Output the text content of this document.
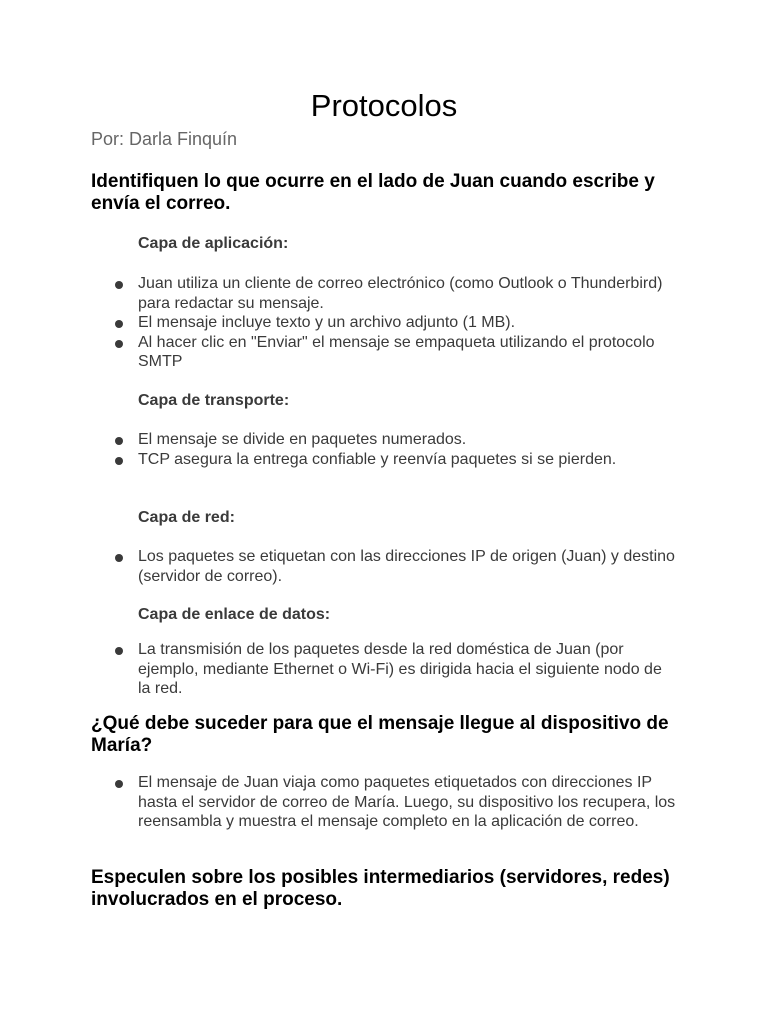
Protocolos

Por: Darla Finquín

Identifiquen lo que ocurre en el lado de Juan cuando escribe y envía el correo.

Capa de aplicación:

Juan utiliza un cliente de correo electrónico (como Outlook o Thunderbird) para redactar su mensaje.
El mensaje incluye texto y un archivo adjunto (1 MB).
Al hacer clic en "Enviar" el mensaje se empaqueta utilizando el protocolo SMTP

Capa de transporte:

El mensaje se divide en paquetes numerados.
TCP asegura la entrega confiable y reenvía paquetes si se pierden.

Capa de red:

Los paquetes se etiquetan con las direcciones IP de origen (Juan) y destino (servidor de correo).

Capa de enlace de datos:

La transmisión de los paquetes desde la red doméstica de Juan (por ejemplo, mediante Ethernet o Wi-Fi) es dirigida hacia el siguiente nodo de la red.

¿Qué debe suceder para que el mensaje llegue al dispositivo de María?

El mensaje de Juan viaja como paquetes etiquetados con direcciones IP hasta el servidor de correo de María. Luego, su dispositivo los recupera, los reensambla y muestra el mensaje completo en la aplicación de correo.

Especulen sobre los posibles intermediarios (servidores, redes) involucrados en el proceso.
